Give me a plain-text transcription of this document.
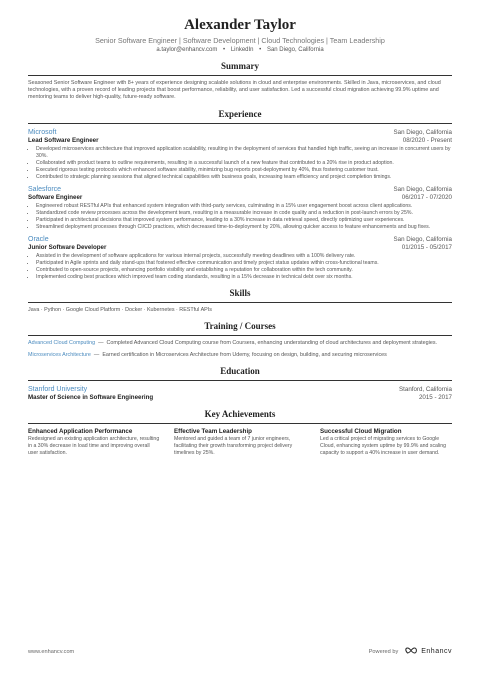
Alexander Taylor
Senior Software Engineer | Software Development | Cloud Technologies | Team Leadership
a.taylor@enhancv.com • LinkedIn • San Diego, California
Summary
Seasoned Senior Software Engineer with 8+ years of experience designing scalable solutions in cloud and enterprise environments. Skilled in Java, microservices, and cloud technologies, with a proven record of leading projects that boost performance, reliability, and user satisfaction. Led a successful cloud migration achieving 99.9% uptime and mentoring teams to deliver high-quality, future-ready software.
Experience
Microsoft	San Diego, California
Lead Software Engineer	08/2020 - Present
• Developed microservices architecture that improved application scalability, resulting in the deployment of services that handled high traffic, seeing an increase in concurrent users by 30%.
• Collaborated with product teams to outline requirements, resulting in a successful launch of a new feature that contributed to a 20% rise in product adoption.
• Executed rigorous testing protocols which enhanced software stability, minimizing bug reports post-deployment by 40%, thus fostering customer trust.
• Contributed to strategic planning sessions that aligned technical capabilities with business goals, increasing team efficiency and project completion timings.
Salesforce	San Diego, California
Software Engineer	06/2017 - 07/2020
• Engineered robust RESTful APIs that enhanced system integration with third-party services, culminating in a 15% user engagement boost across client applications.
• Standardized code review processes across the development team, resulting in a measurable increase in code quality and a reduction in post-launch errors by 25%.
• Participated in architectural decisions that improved system performance, leading to a 30% increase in data retrieval speed, directly optimizing user experiences.
• Streamlined deployment processes through CI/CD practices, which decreased time-to-deployment by 20%, allowing quicker access to feature enhancements and bug fixes.
Oracle	San Diego, California
Junior Software Developer	01/2015 - 05/2017
• Assisted in the development of software applications for various internal projects, successfully meeting deadlines with a 100% delivery rate.
• Participated in Agile sprints and daily stand-ups that fostered effective communication and timely project status updates within cross-functional teams.
• Contributed to open-source projects, enhancing portfolio visibility and establishing a reputation for collaboration within the tech community.
• Implemented coding best practices which improved team coding standards, resulting in a 15% decrease in technical debt over six months.
Skills
Java · Python · Google Cloud Platform · Docker · Kubernetes · RESTful APIs
Training / Courses
Advanced Cloud Computing — Completed Advanced Cloud Computing course from Coursera, enhancing understanding of cloud architectures and deployment strategies.
Microservices Architecture — Earned certification in Microservices Architecture from Udemy, focusing on design, building, and securing microservices
Education
Stanford University	Stanford, California
Master of Science in Software Engineering	2015 - 2017
Key Achievements
Enhanced Application Performance
Redesigned an existing application architecture, resulting in a 30% decrease in load time and improving overall user satisfaction.
Effective Team Leadership
Mentored and guided a team of 7 junior engineers, facilitating their growth transforming project delivery timelines by 25%.
Successful Cloud Migration
Led a critical project of migrating services to Google Cloud, enhancing system uptime by 99.9% and scaling capacity to support a 40% increase in user demand.
www.enhancv.com	Powered by	Enhancv
